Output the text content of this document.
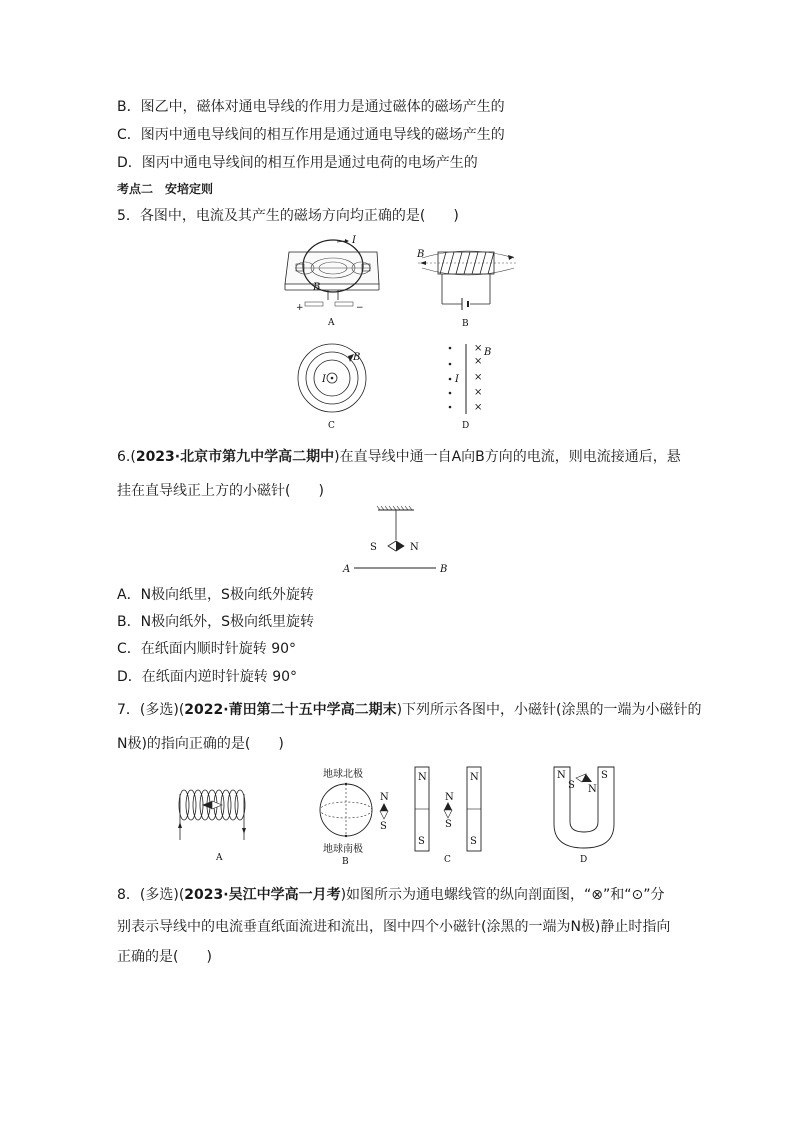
B．图乙中，磁体对通电导线的作用力是通过磁体的磁场产生的
C．图丙中通电导线间的相互作用是通过通电导线的磁场产生的
D．图丙中通电导线间的相互作用是通过电荷的电场产生的
考点二　安培定则
5．各图中，电流及其产生的磁场方向均正确的是(　　)
I
B
+	−
A
B
B
I
B
C
×
×
×
×
×
B
I
D
6.(2023·北京市第九中学高二期中)在直导线中通一自A向B方向的电流，则电流接通后，悬
挂在直导线正上方的小磁针(　　)
S	N
A	B
A．N极向纸里，S极向纸外旋转
B．N极向纸外，S极向纸里旋转
C．在纸面内顺时针旋转 90°
D．在纸面内逆时针旋转 90°
7．(多选)(2022·莆田第二十五中学高二期末)下列所示各图中，小磁针(涂黑的一端为小磁针的
N极)的指向正确的是(　　)
A
地球北极
N
S
地球南极
B
N
S
N
S
N
S
C
N	S
S N
D
8．(多选)(2023·吴江中学高一月考)如图所示为通电螺线管的纵向剖面图，“⊗”和“⊙”分
别表示导线中的电流垂直纸面流进和流出，图中四个小磁针(涂黑的一端为N极)静止时指向
正确的是(　　)
